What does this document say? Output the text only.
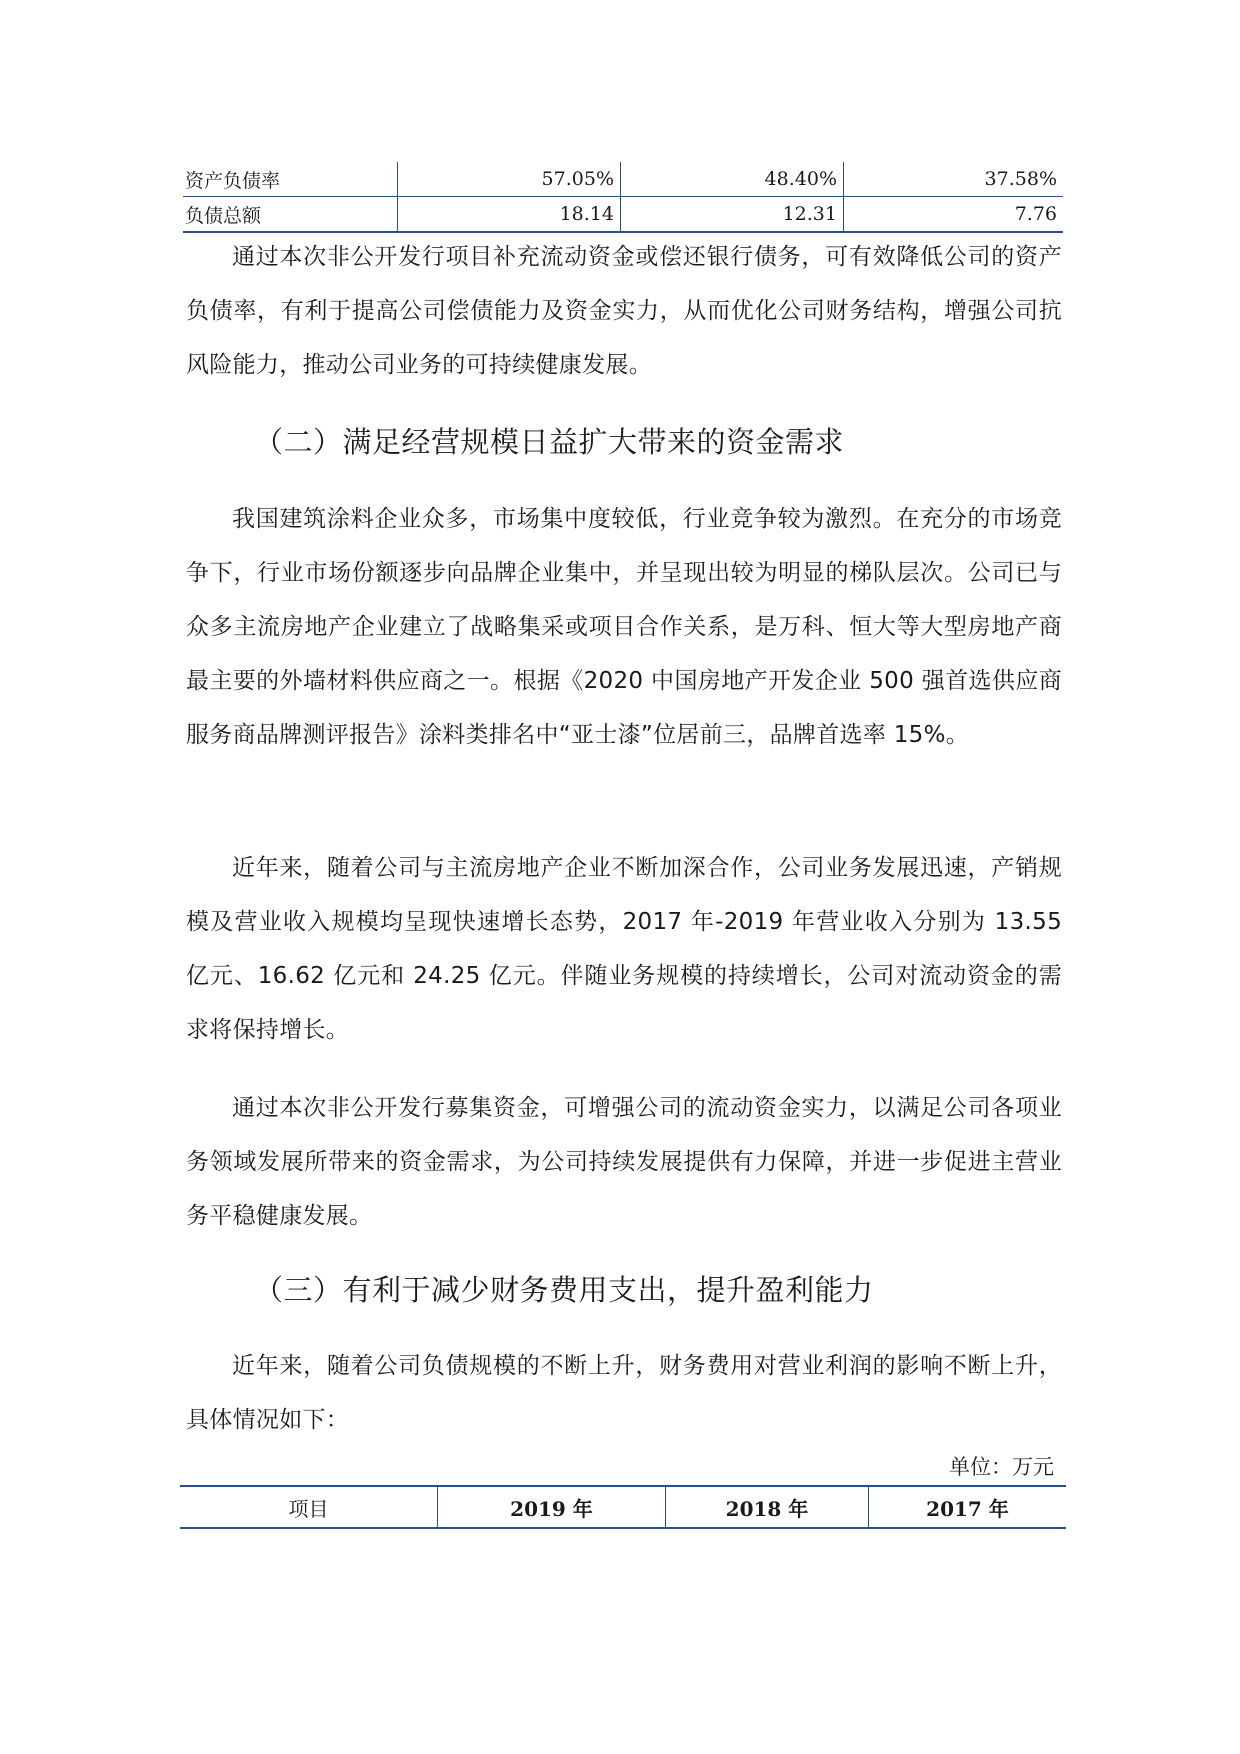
资产负债率	57.05%	48.40%	37.58%
负债总额	18.14	12.31	7.76

通过本次非公开发行项目补充流动资金或偿还银行债务，可有效降低公司的资产负债率，有利于提高公司偿债能力及资金实力，从而优化公司财务结构，增强公司抗风险能力，推动公司业务的可持续健康发展。

（二）满足经营规模日益扩大带来的资金需求

我国建筑涂料企业众多，市场集中度较低，行业竞争较为激烈。在充分的市场竞争下，行业市场份额逐步向品牌企业集中，并呈现出较为明显的梯队层次。公司已与众多主流房地产企业建立了战略集采或项目合作关系，是万科、恒大等大型房地产商最主要的外墙材料供应商之一。根据《2020 中国房地产开发企业 500 强首选供应商服务商品牌测评报告》涂料类排名中“亚士漆”位居前三，品牌首选率 15%。

近年来，随着公司与主流房地产企业不断加深合作，公司业务发展迅速，产销规模及营业收入规模均呈现快速增长态势，2017 年-2019 年营业收入分别为 13.55 亿元、16.62 亿元和 24.25 亿元。伴随业务规模的持续增长，公司对流动资金的需求将保持增长。

通过本次非公开发行募集资金，可增强公司的流动资金实力，以满足公司各项业务领域发展所带来的资金需求，为公司持续发展提供有力保障，并进一步促进主营业务平稳健康发展。

（三）有利于减少财务费用支出，提升盈利能力

近年来，随着公司负债规模的不断上升，财务费用对营业利润的影响不断上升，具体情况如下：

单位：万元
项目	2019 年	2018 年	2017 年
